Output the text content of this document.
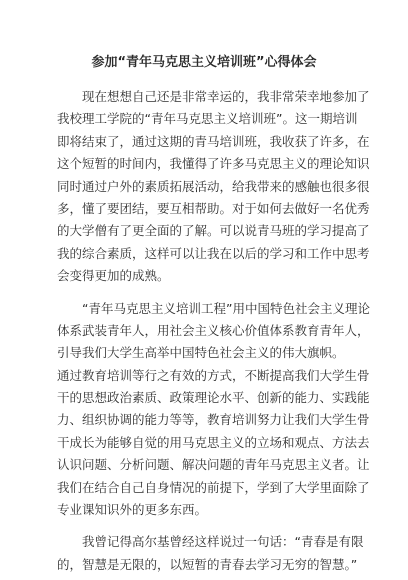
参加“青年马克思主义培训班”心得体会
　　现在想想自己还是非常幸运的，我非常荣幸地参加了
我校理工学院的“青年马克思主义培训班”。这一期培训
即将结束了，通过这期的青马培训班，我收获了许多，在
这个短暂的时间内，我懂得了许多马克思主义的理论知识
同时通过户外的素质拓展活动，给我带来的感触也很多很
多，懂了要团结，要互相帮助。对于如何去做好一名优秀
的大学僧有了更全面的了解。可以说青马班的学习提高了
我的综合素质，这样可以让我在以后的学习和工作中思考
会变得更加的成熟。
　　“青年马克思主义培训工程”用中国特色社会主义理论
体系武装青年人，用社会主义核心价值体系教育青年人，
引导我们大学生高举中国特色社会主义的伟大旗帜。
通过教育培训等行之有效的方式，不断提高我们大学生骨
干的思想政治素质、政策理论水平、创新的能力、实践能
力、组织协调的能力等等，教育培训努力让我们大学生骨
干成长为能够自觉的用马克思主义的立场和观点、方法去
认识问题、分析问题、解决问题的青年马克思主义者。让
我们在结合自己自身情况的前提下，学到了大学里面除了
专业课知识外的更多东西。
　　我曾记得高尔基曾经这样说过一句话：“青春是有限
的，智慧是无限的，以短暂的青春去学习无穷的智慧。”
